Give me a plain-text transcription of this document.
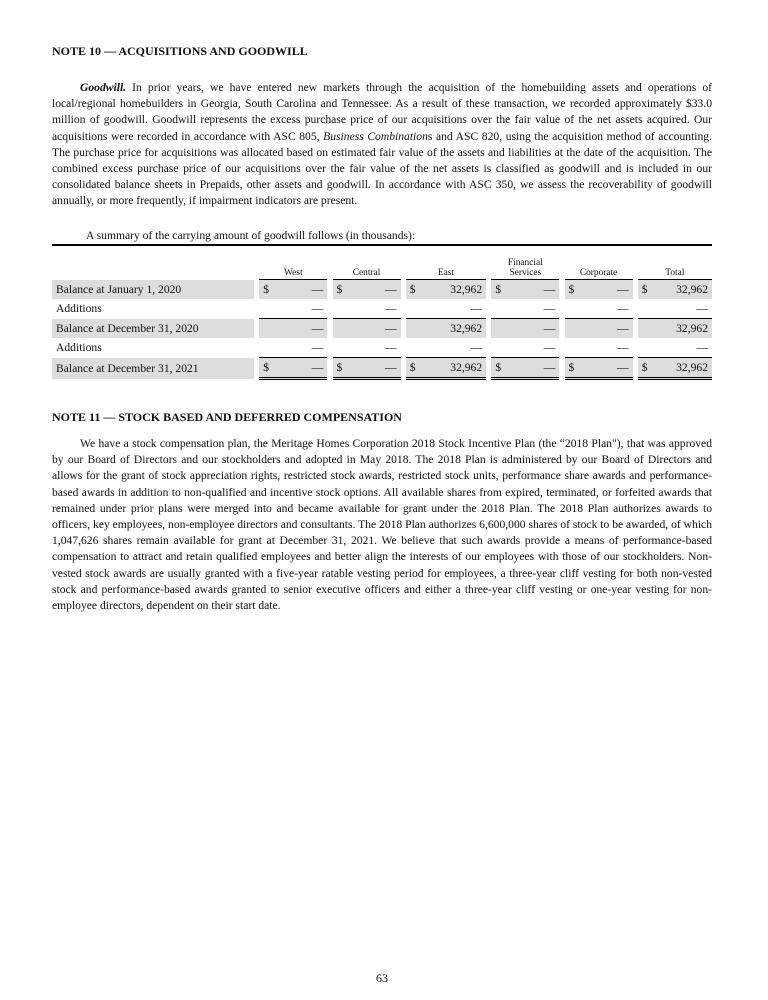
NOTE 10 — ACQUISITIONS AND GOODWILL

Goodwill. In prior years, we have entered new markets through the acquisition of the homebuilding assets and operations of local/regional homebuilders in Georgia, South Carolina and Tennessee. As a result of these transaction, we recorded approximately $33.0 million of goodwill. Goodwill represents the excess purchase price of our acquisitions over the fair value of the net assets acquired. Our acquisitions were recorded in accordance with ASC 805, Business Combinations and ASC 820, using the acquisition method of accounting. The purchase price for acquisitions was allocated based on estimated fair value of the assets and liabilities at the date of the acquisition. The combined excess purchase price of our acquisitions over the fair value of the net assets is classified as goodwill and is included in our consolidated balance sheets in Prepaids, other assets and goodwill. In accordance with ASC 350, we assess the recoverability of goodwill annually, or more frequently, if impairment indicators are present.

A summary of the carrying amount of goodwill follows (in thousands):

		West			Central			East			Financial Services			Corporate			Total	
Balance at January 1, 2020		$	—		$	—		$	32,962		$	—		$	—		$	32,962
Additions			—			—			—			—			—			—
Balance at December 31, 2020			—			—			32,962			—			—			32,962
Additions			—			—			—			—			—			—
Balance at December 31, 2021		$	—		$	—		$	32,962		$	—		$	—		$	32,962
NOTE 11 — STOCK BASED AND DEFERRED COMPENSATION

We have a stock compensation plan, the Meritage Homes Corporation 2018 Stock Incentive Plan (the “2018 Plan"), that was approved by our Board of Directors and our stockholders and adopted in May 2018. The 2018 Plan is administered by our Board of Directors and allows for the grant of stock appreciation rights, restricted stock awards, restricted stock units, performance share awards and performance-based awards in addition to non-qualified and incentive stock options. All available shares from expired, terminated, or forfeited awards that remained under prior plans were merged into and became available for grant under the 2018 Plan. The 2018 Plan authorizes awards to officers, key employees, non-employee directors and consultants. The 2018 Plan authorizes 6,600,000 shares of stock to be awarded, of which 1,047,626 shares remain available for grant at December 31, 2021. We believe that such awards provide a means of performance-based compensation to attract and retain qualified employees and better align the interests of our employees with those of our stockholders. Non-vested stock awards are usually granted with a five-year ratable vesting period for employees, a three-year cliff vesting for both non-vested stock and performance-based awards granted to senior executive officers and either a three-year cliff vesting or one-year vesting for non-employee directors, dependent on their start date.

63
